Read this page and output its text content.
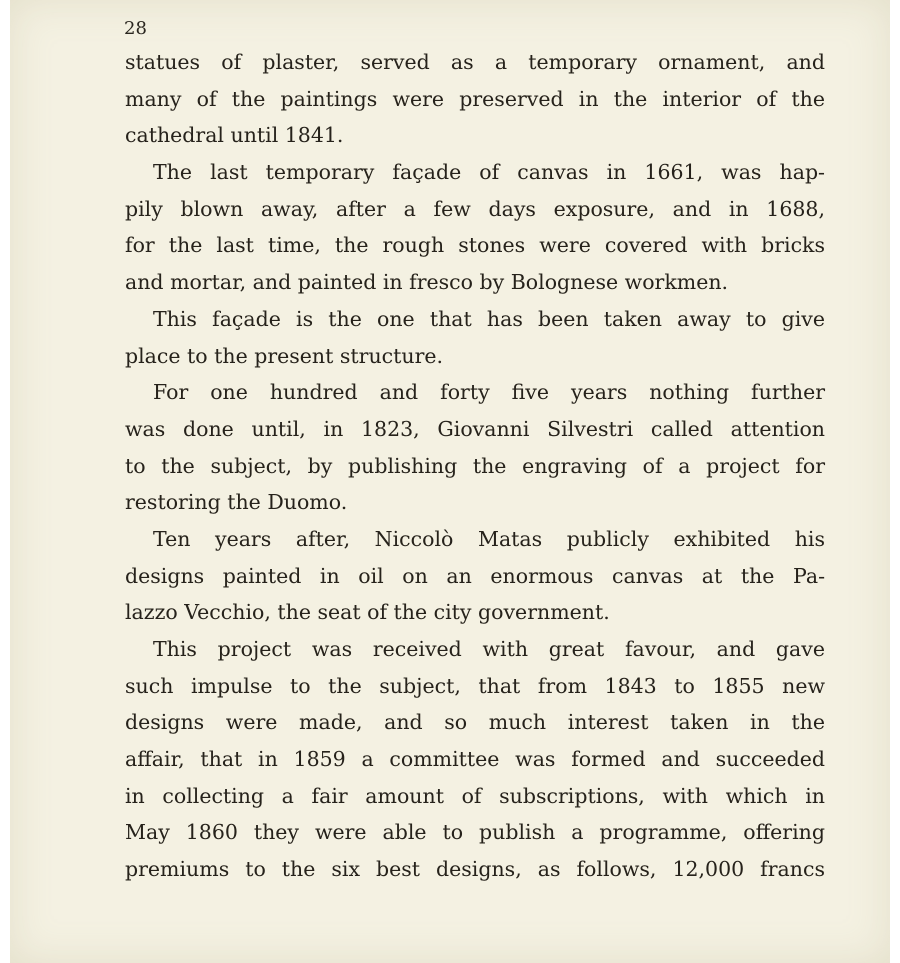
28
statues of plaster, served as a temporary ornament, and
many of the paintings were preserved in the interior of the
cathedral until 1841.
The last temporary façade of canvas in 1661, was hap-
pily blown away, after a few days exposure, and in 1688,
for the last time, the rough stones were covered with bricks
and mortar, and painted in fresco by Bolognese workmen.
This façade is the one that has been taken away to give
place to the present structure.
For one hundred and forty five years nothing further
was done until, in 1823, Giovanni Silvestri called attention
to the subject, by publishing the engraving of a project for
restoring the Duomo.
Ten years after, Niccolò Matas publicly exhibited his
designs painted in oil on an enormous canvas at the Pa-
lazzo Vecchio, the seat of the city government.
This project was received with great favour, and gave
such impulse to the subject, that from 1843 to 1855 new
designs were made, and so much interest taken in the
affair, that in 1859 a committee was formed and succeeded
in collecting a fair amount of subscriptions, with which in
May 1860 they were able to publish a programme, offering
premiums to the six best designs, as follows, 12,000 francs
